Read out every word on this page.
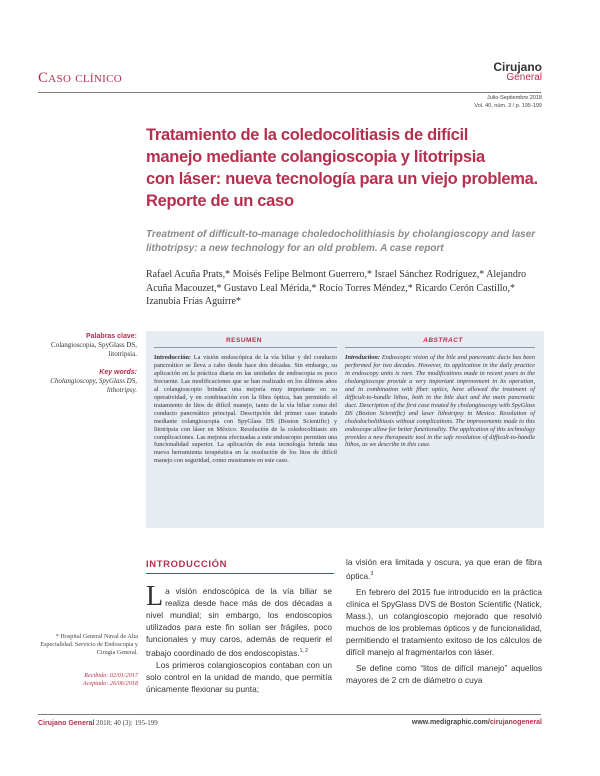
Caso clínico
Cirujano
General
Julio-Septiembre 2018
Vol. 40, núm. 3 / p. 195-199
Tratamiento de la coledocolitiasis de difícil
manejo mediante colangioscopia y litotripsia
con láser: nueva tecnología para un viejo problema.
Reporte de un caso
Treatment of difficult-to-manage choledocholithiasis by cholangioscopy and laser lithotripsy: a new technology for an old problem. A case report
Rafael Acuña Prats,* Moisés Felipe Belmont Guerrero,* Israel Sánchez Rodríguez,* Alejandro Acuña Macouzet,* Gustavo Leal Mérida,* Rocío Torres Méndez,* Ricardo Cerón Castillo,* Izanubia Frías Aguirre*
Palabras clave:
Colangioscopia, SpyGlass DS, litotripsia.
Key words:
Cholangioscopy, SpyGlass DS, lithotripsy.
RESUMEN	ABSTRACT
Introducción: La visión endoscópica de la vía biliar y del conducto pancreático se lleva a cabo desde hace dos décadas. Sin embargo, su aplicación en la práctica diaria en las unidades de endoscopia es poco frecuente. Las modificaciones que se han realizado en los últimos años al colangioscopio brindan una mejoría muy importante en su operatividad, y en combinación con la fibra óptica, han permitido el tratamiento de litos de difícil manejo, tanto de la vía biliar como del conducto pancreático principal. Descripción del primer caso tratado mediante colangioscopia con SpyGlass DS (Boston Scientific) y litotripsia con láser en México. Resolución de la coledocolitiasis sin complicaciones. Las mejoras efectuadas a este endoscopio permiten una funcionalidad superior. La aplicación de esta tecnología brinda una nueva herramienta terapéutica en la resolución de los litos de difícil manejo con seguridad, como mostramos en este caso.
Introduction: Endoscopic vision of the bile and pancreatic ducts has been performed for two decades. However, its application in the daily practice in endoscopy units is rare. The modifications made in recent years to the cholangioscope provide a very important improvement in its operation, and in combination with fiber optics, have allowed the treatment of difficult-to-handle lithos, both in the bile duct and the main pancreatic duct. Description of the first case treated by cholangioscopy with SpyGlass DS (Boston Scientific) and laser lithotripsy in Mexico. Resolution of choledocholithiasis without complications. The improvements made to this endoscope allow for better functionality. The application of this technology provides a new therapeutic tool in the safe resolution of difficult-to-handle lithos, as we describe in this case.
INTRODUCCIÓN
La visión endoscópica de la vía biliar se realiza desde hace más de dos décadas a nivel mundial; sin embargo, los endoscopios utilizados para este fin solían ser frágiles, poco funcionales y muy caros, además de requerir el trabajo coordinado de dos endoscopistas.$^{1, 2}$
Los primeros colangioscopios contaban con un solo control en la unidad de mando, que permitía únicamente flexionar su punta;
la visión era limitada y oscura, ya que eran de fibra óptica.$^3$
En febrero del 2015 fue introducido en la práctica clínica el SpyGlass DVS de Boston Scientific (Natick, Mass.), un colangioscopio mejorado que resolvió muchos de los problemas ópticos y de funcionalidad, permitiendo el tratamiento exitoso de los cálculos de difícil manejo al fragmentarlos con láser.
Se define como “litos de difícil manejo” aquellos mayores de 2 cm de diámetro o cuya
* Hospital General Naval de Alta Especialidad. Servicio de Endoscopia y Cirugía General.
Recibido: 02/01/2017
Aceptado: 26/06/2018
Cirujano General 2018; 40 (3): 195-199	www.medigraphic.com/cirujanogeneral
